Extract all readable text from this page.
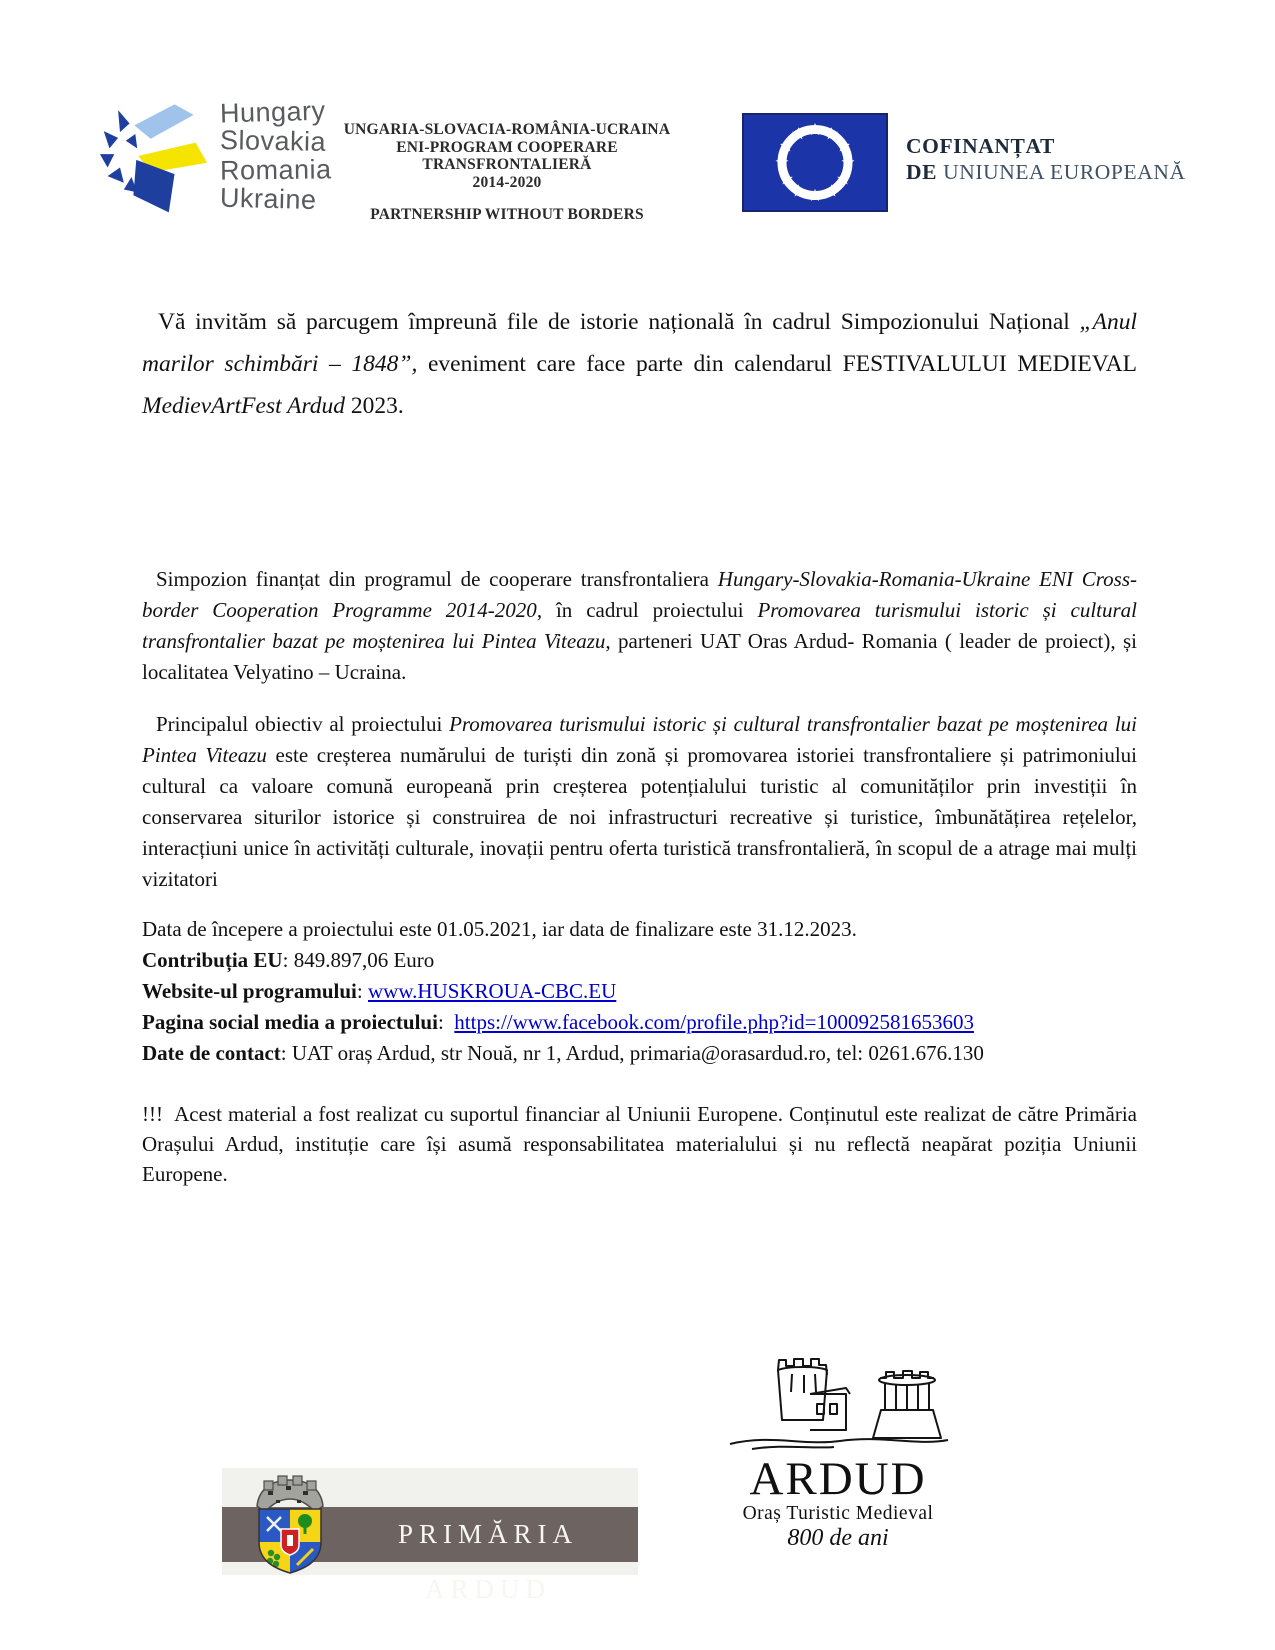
Hungary
Slovakia
Romania
Ukraine
UNGARIA-SLOVACIA-ROMÂNIA-UCRAINA
ENI-PROGRAM COOPERARE TRANSFRONTALIERĂ
2014-2020
PARTNERSHIP WITHOUT BORDERS
COFINANȚAT
DE UNIUNEA EUROPEANĂ

Vă invităm să parcugem împreună file de istorie națională în cadrul Simpozionului Național „Anul marilor schimbări – 1848”, eveniment care face parte din calendarul FESTIVALULUI MEDIEVAL MedievArtFest Ardud 2023.

Simpozion finanțat din programul de cooperare transfrontaliera Hungary-Slovakia-Romania-Ukraine ENI Cross-border Cooperation Programme 2014-2020, în cadrul proiectului Promovarea turismului istoric și cultural transfrontalier bazat pe moștenirea lui Pintea Viteazu, parteneri UAT Oras Ardud- Romania ( leader de proiect), și localitatea Velyatino – Ucraina.

Principalul obiectiv al proiectului Promovarea turismului istoric și cultural transfrontalier bazat pe moștenirea lui Pintea Viteazu este creșterea numărului de turiști din zonă și promovarea istoriei transfrontaliere și patrimoniului cultural ca valoare comună europeană prin creșterea potențialului turistic al comunităților prin investiții în conservarea siturilor istorice și construirea de noi infrastructuri recreative și turistice, îmbunătățirea rețelelor, interacțiuni unice în activități culturale, inovații pentru oferta turistică transfrontalieră, în scopul de a atrage mai mulți vizitatori

Data de începere a proiectului este 01.05.2021, iar data de finalizare este 31.12.2023.
Contribuția EU: 849.897,06 Euro
Website-ul programului: www.HUSKROUA-CBC.EU
Pagina social media a proiectului:  https://www.facebook.com/profile.php?id=100092581653603
Date de contact: UAT oraș Ardud, str Nouă, nr 1, Ardud, primaria@orasardud.ro, tel: 0261.676.130

!!!  Acest material a fost realizat cu suportul financiar al Uniunii Europene. Conținutul este realizat de către Primăria Orașului Ardud, instituție care își asumă responsabilitatea materialului și nu reflectă neapărat poziția Uniunii Europene.

PRIMĂRIA ARDUD
ARDUD
Oraș Turistic Medieval
800 de ani
